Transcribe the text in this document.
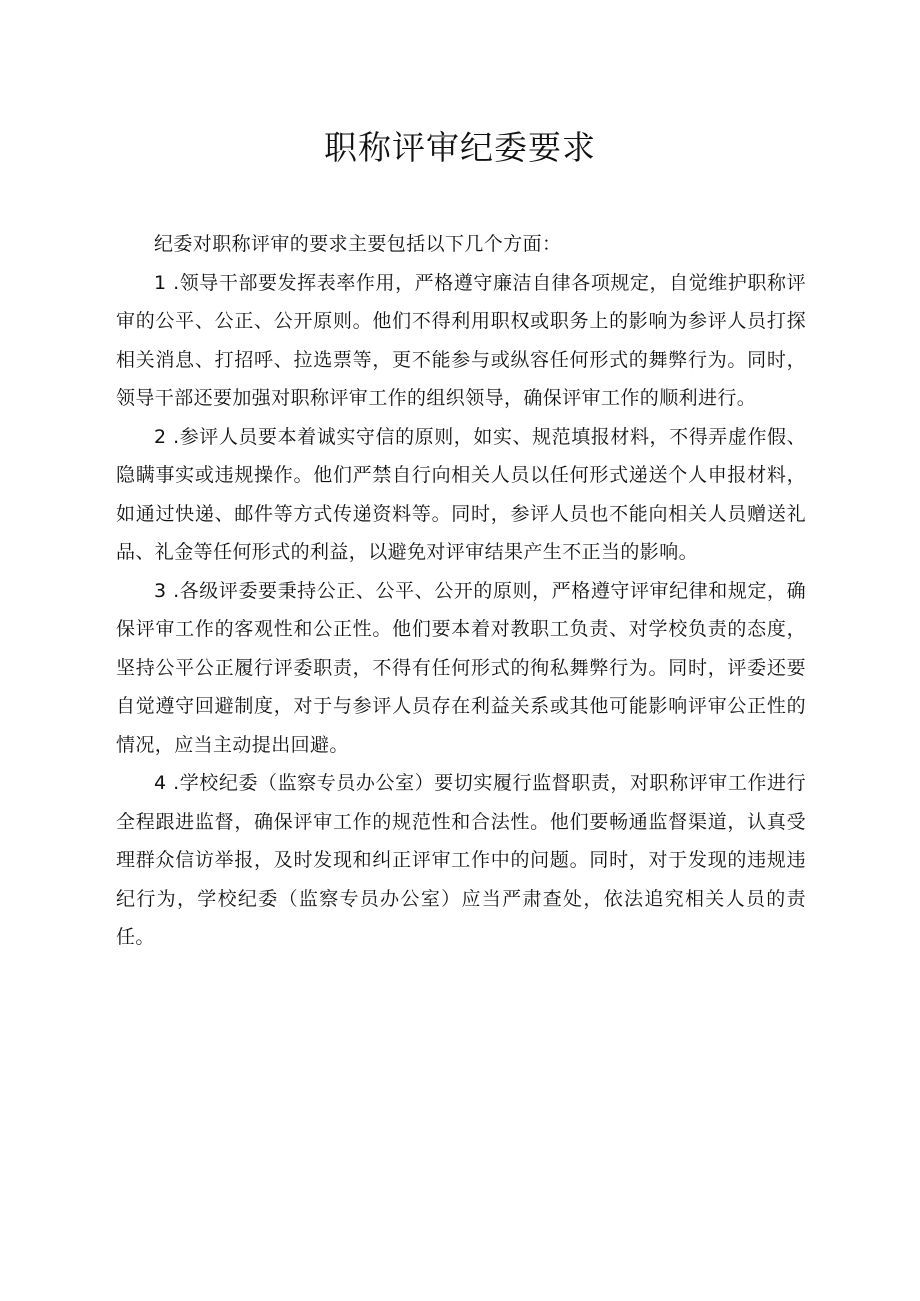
职称评审纪委要求

纪委对职称评审的要求主要包括以下几个方面：

1 .领导干部要发挥表率作用，严格遵守廉洁自律各项规定，自觉维护职称评审的公平、公正、公开原则。他们不得利用职权或职务上的影响为参评人员打探相关消息、打招呼、拉选票等，更不能参与或纵容任何形式的舞弊行为。同时，领导干部还要加强对职称评审工作的组织领导，确保评审工作的顺利进行。

2 .参评人员要本着诚实守信的原则，如实、规范填报材料，不得弄虚作假、隐瞒事实或违规操作。他们严禁自行向相关人员以任何形式递送个人申报材料，如通过快递、邮件等方式传递资料等。同时，参评人员也不能向相关人员赠送礼品、礼金等任何形式的利益，以避免对评审结果产生不正当的影响。

3 .各级评委要秉持公正、公平、公开的原则，严格遵守评审纪律和规定，确保评审工作的客观性和公正性。他们要本着对教职工负责、对学校负责的态度，坚持公平公正履行评委职责，不得有任何形式的徇私舞弊行为。同时，评委还要自觉遵守回避制度，对于与参评人员存在利益关系或其他可能影响评审公正性的情况，应当主动提出回避。

4 .学校纪委（监察专员办公室）要切实履行监督职责，对职称评审工作进行全程跟进监督，确保评审工作的规范性和合法性。他们要畅通监督渠道，认真受理群众信访举报，及时发现和纠正评审工作中的问题。同时，对于发现的违规违纪行为，学校纪委（监察专员办公室）应当严肃查处，依法追究相关人员的责任。
